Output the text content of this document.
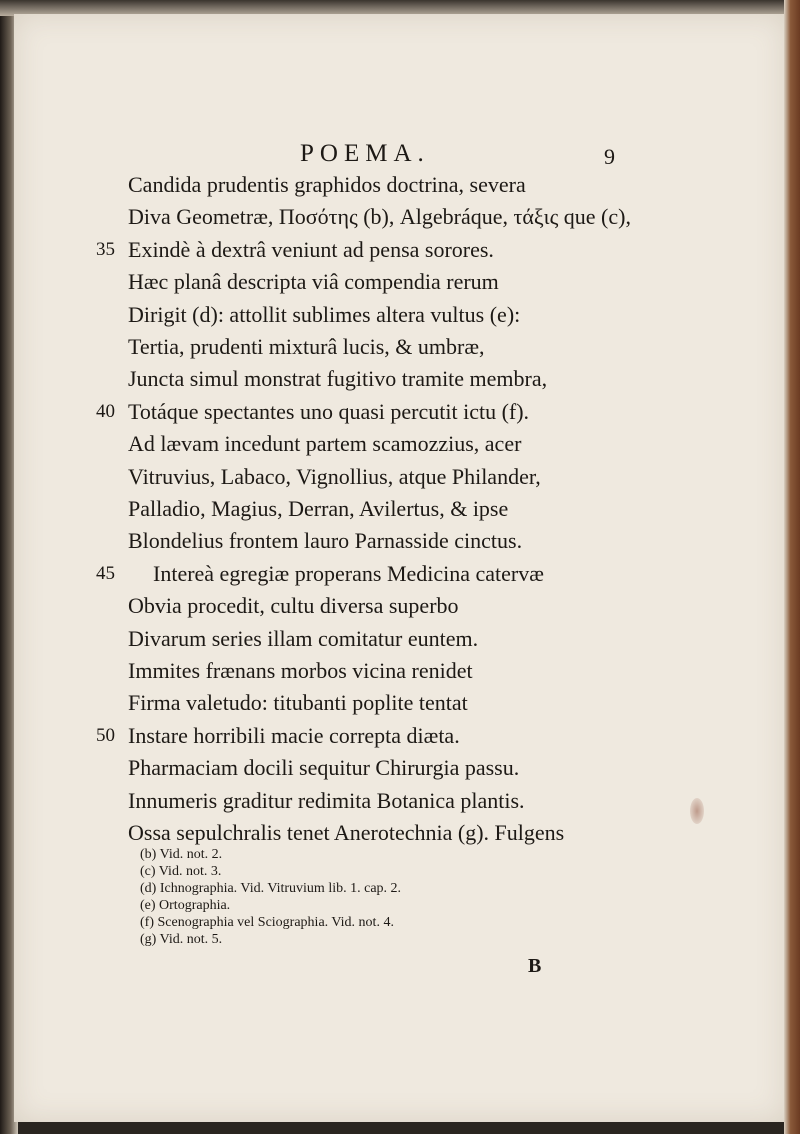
POEMA.	9
Candida prudentis graphidos doctrina, severa
Diva Geometræ, Ποσότης (b), Algebráque, τάξις que (c),
35 Exindè à dextrâ veniunt ad pensa sorores.
Hæc planâ descripta viâ compendia rerum
Dirigit (d): attollit sublimes altera vultus (e):
Tertia, prudenti mixturâ lucis, & umbræ,
Juncta simul monstrat fugitivo tramite membra,
40 Totáque spectantes uno quasi percutit ictu (f).
Ad lævam incedunt partem scamozzius, acer
Vitruvius, Labaco, Vignollius, atque Philander,
Palladio, Magius, Derran, Avilertus, & ipse
Blondelius frontem lauro Parnasside cinctus.
45	Intereà egregiæ properans Medicina catervæ
Obvia procedit, cultu diversa superbo
Divarum series illam comitatur euntem.
Immites frænans morbos vicina renidet
Firma valetudo: titubanti poplite tentat
50 Instare horribili macie correpta diæta.
Pharmaciam docili sequitur Chirurgia passu.
Innumeris graditur redimita Botanica plantis.
Ossa sepulchralis tenet Anerotechnia (g). Fulgens
(b) Vid. not. 2.
(c) Vid. not. 3.
(d) Ichnographia. Vid. Vitruvium lib. 1. cap. 2.
(e) Ortographia.
(f) Scenographia vel Sciographia. Vid. not. 4.
(g) Vid. not. 5.
B
